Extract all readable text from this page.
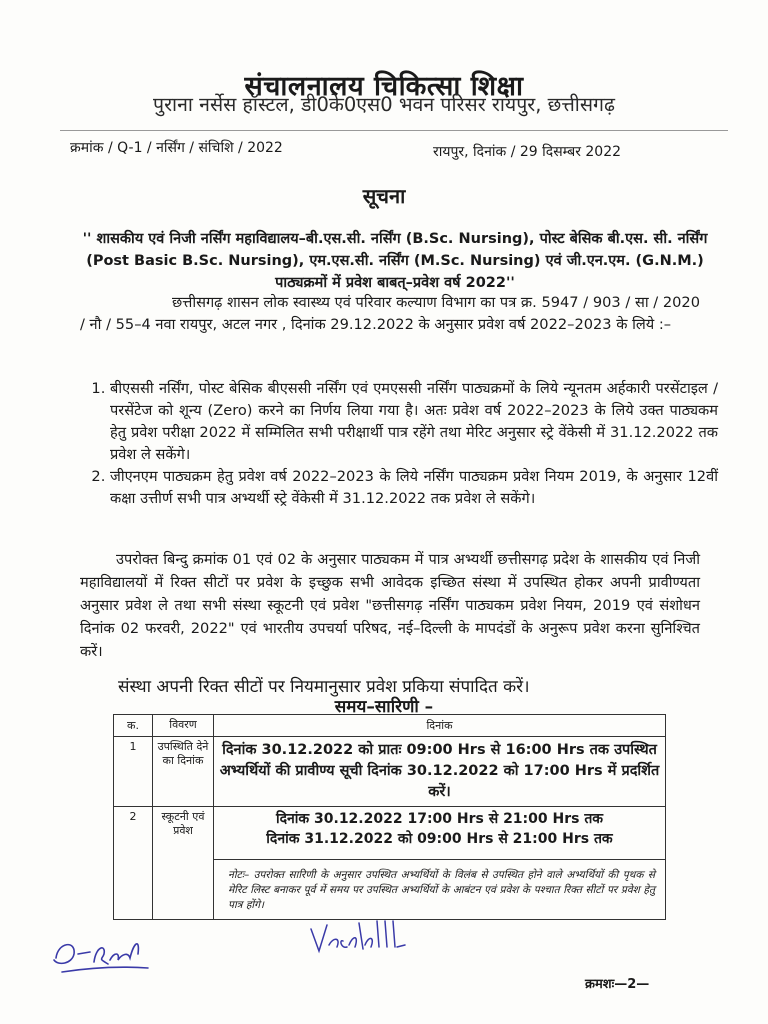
संचालनालय चिकित्सा शिक्षा
पुराना नर्सेस हॉस्टल, डी0के0एस0 भवन परिसर रायपुर, छत्तीसगढ़
क्रमांक / Q-1 / नर्सिंग / संचिशि / 2022	रायपुर, दिनांक / 29 दिसम्बर 2022
सूचना
'' शासकीय एवं निजी नर्सिंग महाविद्यालय–बी.एस.सी. नर्सिंग (B.Sc. Nursing), पोस्ट बेसिक बी.एस. सी. नर्सिंग (Post Basic B.Sc. Nursing), एम.एस.सी. नर्सिंग (M.Sc. Nursing) एवं जी.एन.एम. (G.N.M.) पाठ्यक्रमों में प्रवेश बाबत्–प्रवेश वर्ष 2022''
छत्तीसगढ़ शासन लोक स्वास्थ्य एवं परिवार कल्याण विभाग का पत्र क्र. 5947 / 903 / सा / 2020 / नौ / 55–4 नवा रायपुर, अटल नगर , दिनांक 29.12.2022 के अनुसार प्रवेश वर्ष 2022–2023 के लिये :–
1. बीएससी नर्सिंग, पोस्ट बेसिक बीएससी नर्सिंग एवं एमएससी नर्सिंग पाठ्यक्रमों के लिये न्यूनतम अर्हकारी परसेंटाइल / परसेंटेज को शून्य (Zero) करने का निर्णय लिया गया है। अतः प्रवेश वर्ष 2022–2023 के लिये उक्त पाठ्यकम हेतु प्रवेश परीक्षा 2022 में सम्मिलित सभी परीक्षार्थी पात्र रहेंगे तथा मेरिट अनुसार स्ट्रे वेंकेसी में 31.12.2022 तक प्रवेश ले सकेंगे।
2. जीएनएम पाठ्यक्रम हेतु प्रवेश वर्ष 2022–2023 के लिये नर्सिंग पाठ्यक्रम प्रवेश नियम 2019, के अनुसार 12वीं कक्षा उत्तीर्ण सभी पात्र अभ्यर्थी स्ट्रे वेंकेसी में 31.12.2022 तक प्रवेश ले सकेंगे।
उपरोक्त बिन्दु क्रमांक 01 एवं 02 के अनुसार पाठ्यकम में पात्र अभ्यर्थी छत्तीसगढ़ प्रदेश के शासकीय एवं निजी महाविद्यालयों में रिक्त सीटों पर प्रवेश के इच्छुक सभी आवेदक इच्छित संस्था में उपस्थित होकर अपनी प्रावीण्यता अनुसार प्रवेश ले तथा सभी संस्था स्कूटनी एवं प्रवेश "छत्तीसगढ़ नर्सिंग पाठ्यकम प्रवेश नियम, 2019 एवं संशोधन दिनांक 02 फरवरी, 2022" एवं भारतीय उपचर्या परिषद, नई–दिल्ली के मापदंडों के अनुरूप प्रवेश करना सुनिश्चित करें।
संस्था अपनी रिक्त सीटों पर नियमानुसार प्रवेश प्रकिया संपादित करें।
समय–सारिणी –
क.	विवरण	दिनांक
1	उपस्थिति देने का दिनांक	दिनांक 30.12.2022 को प्रातः 09:00 Hrs से 16:00 Hrs तक उपस्थित अभ्यर्थियों की प्रावीण्य सूची दिनांक 30.12.2022 को 17:00 Hrs में प्रदर्शित करें।
2	स्कूटनी एवं प्रवेश	दिनांक 30.12.2022 17:00 Hrs से 21:00 Hrs तक
दिनांक 31.12.2022 को 09:00 Hrs से 21:00 Hrs तक
नोटः– उपरोक्त सारिणी के अनुसार उपस्थित अभ्यर्थियों के विलंब से उपस्थित होने वाले अभ्यर्थियों की पृथक से मेरिट लिस्ट बनाकर पूर्व में समय पर उपस्थित अभ्यर्थियों के आबंटन एवं प्रवेश के पश्चात रिक्त सीटों पर प्रवेश हेतु पात्र होंगे।
क्रमशः—2—
